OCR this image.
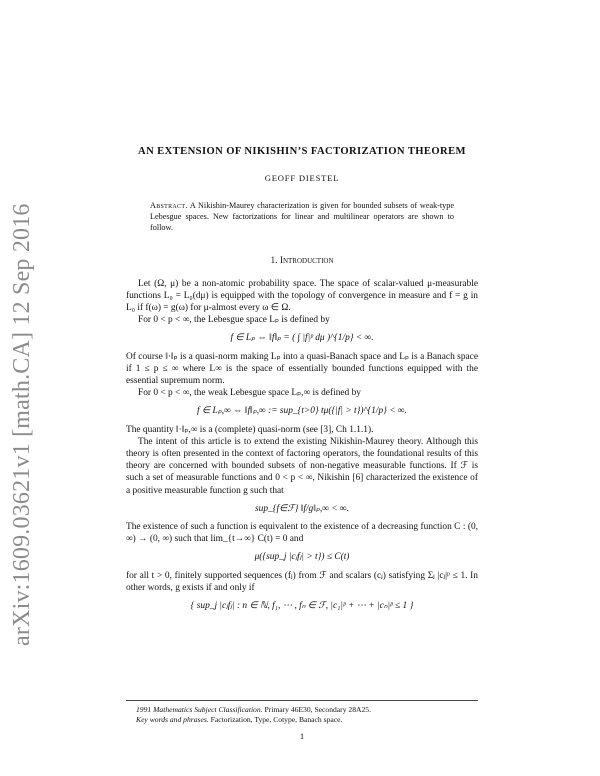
arXiv:1609.03621v1 [math.CA] 12 Sep 2016
AN EXTENSION OF NIKISHIN’S FACTORIZATION THEOREM
GEOFF DIESTEL
Abstract. A Nikishin-Maurey characterization is given for bounded subsets of weak-type Lebesgue spaces. New factorizations for linear and multilinear operators are shown to follow.
1. Introduction

Let (Ω, μ) be a non-atomic probability space. The space of scalar-valued μ-measurable functions L₀ = L₀(dμ) is equipped with the topology of convergence in measure and f = g in L₀ if f(ω) = g(ω) for μ-almost every ω ∈ Ω.

For 0 < p < ∞, the Lebesgue space Lₚ is defined by

f ∈ Lₚ ⇔ ‖f‖ₚ = ( ∫ |f|ᵖ dμ )^{1/p} < ∞.

Of course ‖·‖ₚ is a quasi-norm making Lₚ into a quasi-Banach space and Lₚ is a Banach space if 1 ≤ p ≤ ∞ where L∞ is the space of essentially bounded functions equipped with the essential supremum norm.

For 0 < p < ∞, the weak Lebesgue space Lₚ,∞ is defined by

f ∈ Lₚ,∞ ⇔ ‖f‖ₚ,∞ := sup_{t>0} tμ({|f| > t})^{1/p} < ∞.

The quantity ‖·‖ₚ,∞ is a (complete) quasi-norm (see [3], Ch 1.1.1).

The intent of this article is to extend the existing Nikishin-Maurey theory. Although this theory is often presented in the context of factoring operators, the foundational results of this theory are concerned with bounded subsets of non-negative measurable functions. If ℱ is such a set of measurable functions and 0 < p < ∞, Nikishin [6] characterized the existence of a positive measurable function g such that

sup_{f∈ℱ} ‖f/g‖ₚ,∞ < ∞.

The existence of such a function is equivalent to the existence of a decreasing function C : (0, ∞) → (0, ∞) such that lim_{t→∞} C(t) = 0 and

μ({sup_j |cⱼfⱼ| > t}) ≤ C(t)

for all t > 0, finitely supported sequences (fⱼ) from ℱ and scalars (cⱼ) satisfying Σⱼ |cⱼ|ᵖ ≤ 1. In other words, g exists if and only if

{ sup_j |cⱼfⱼ| : n ∈ ℕ, f₁, ⋯ , fₙ ∈ ℱ, |c₁|ᵖ + ⋯ + |cₙ|ᵖ ≤ 1 }

1991 Mathematics Subject Classification. Primary 46E30, Secondary 28A25.

Key words and phrases. Factorization, Type, Cotype, Banach space.

1
